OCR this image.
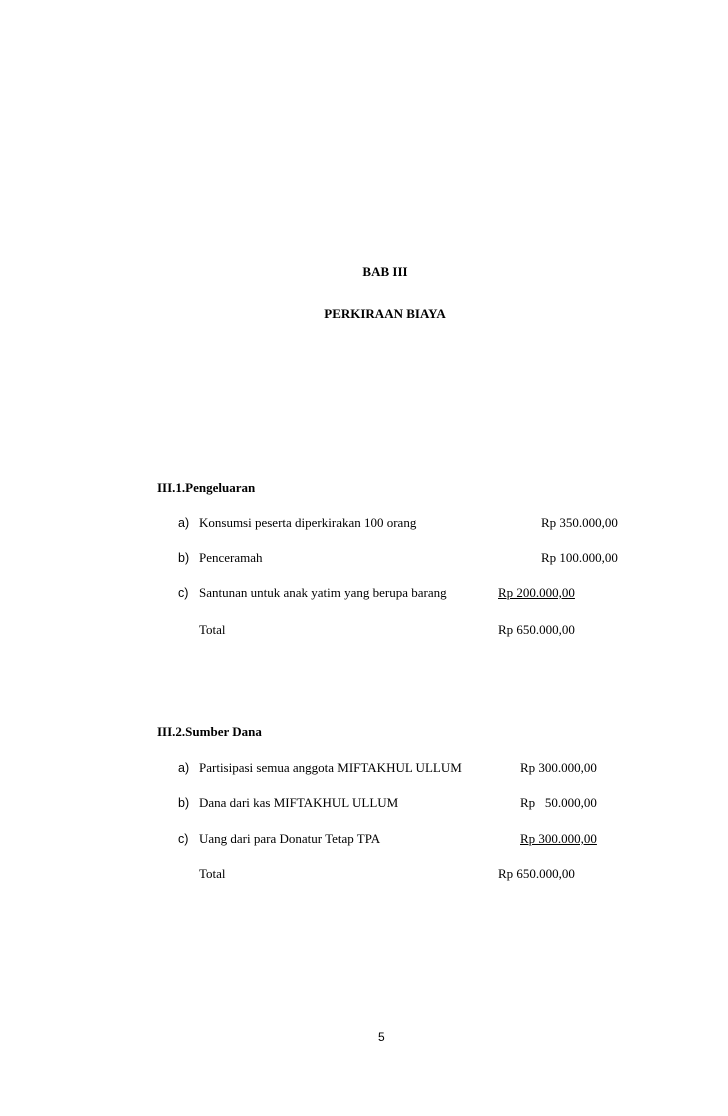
BAB III
PERKIRAAN BIAYA
III.1.Pengeluaran
a) Konsumsi peserta diperkirakan 100 orang	Rp 350.000,00
b) Penceramah	Rp 100.000,00
c) Santunan untuk anak yatim yang berupa barang	Rp 200.000,00
Total	Rp 650.000,00
III.2.Sumber Dana
a) Partisipasi semua anggota MIFTAKHUL ULLUM	Rp 300.000,00
b) Dana dari kas MIFTAKHUL ULLUM	Rp   50.000,00
c) Uang dari para Donatur Tetap TPA	Rp 300.000,00
Total	Rp 650.000,00
5
